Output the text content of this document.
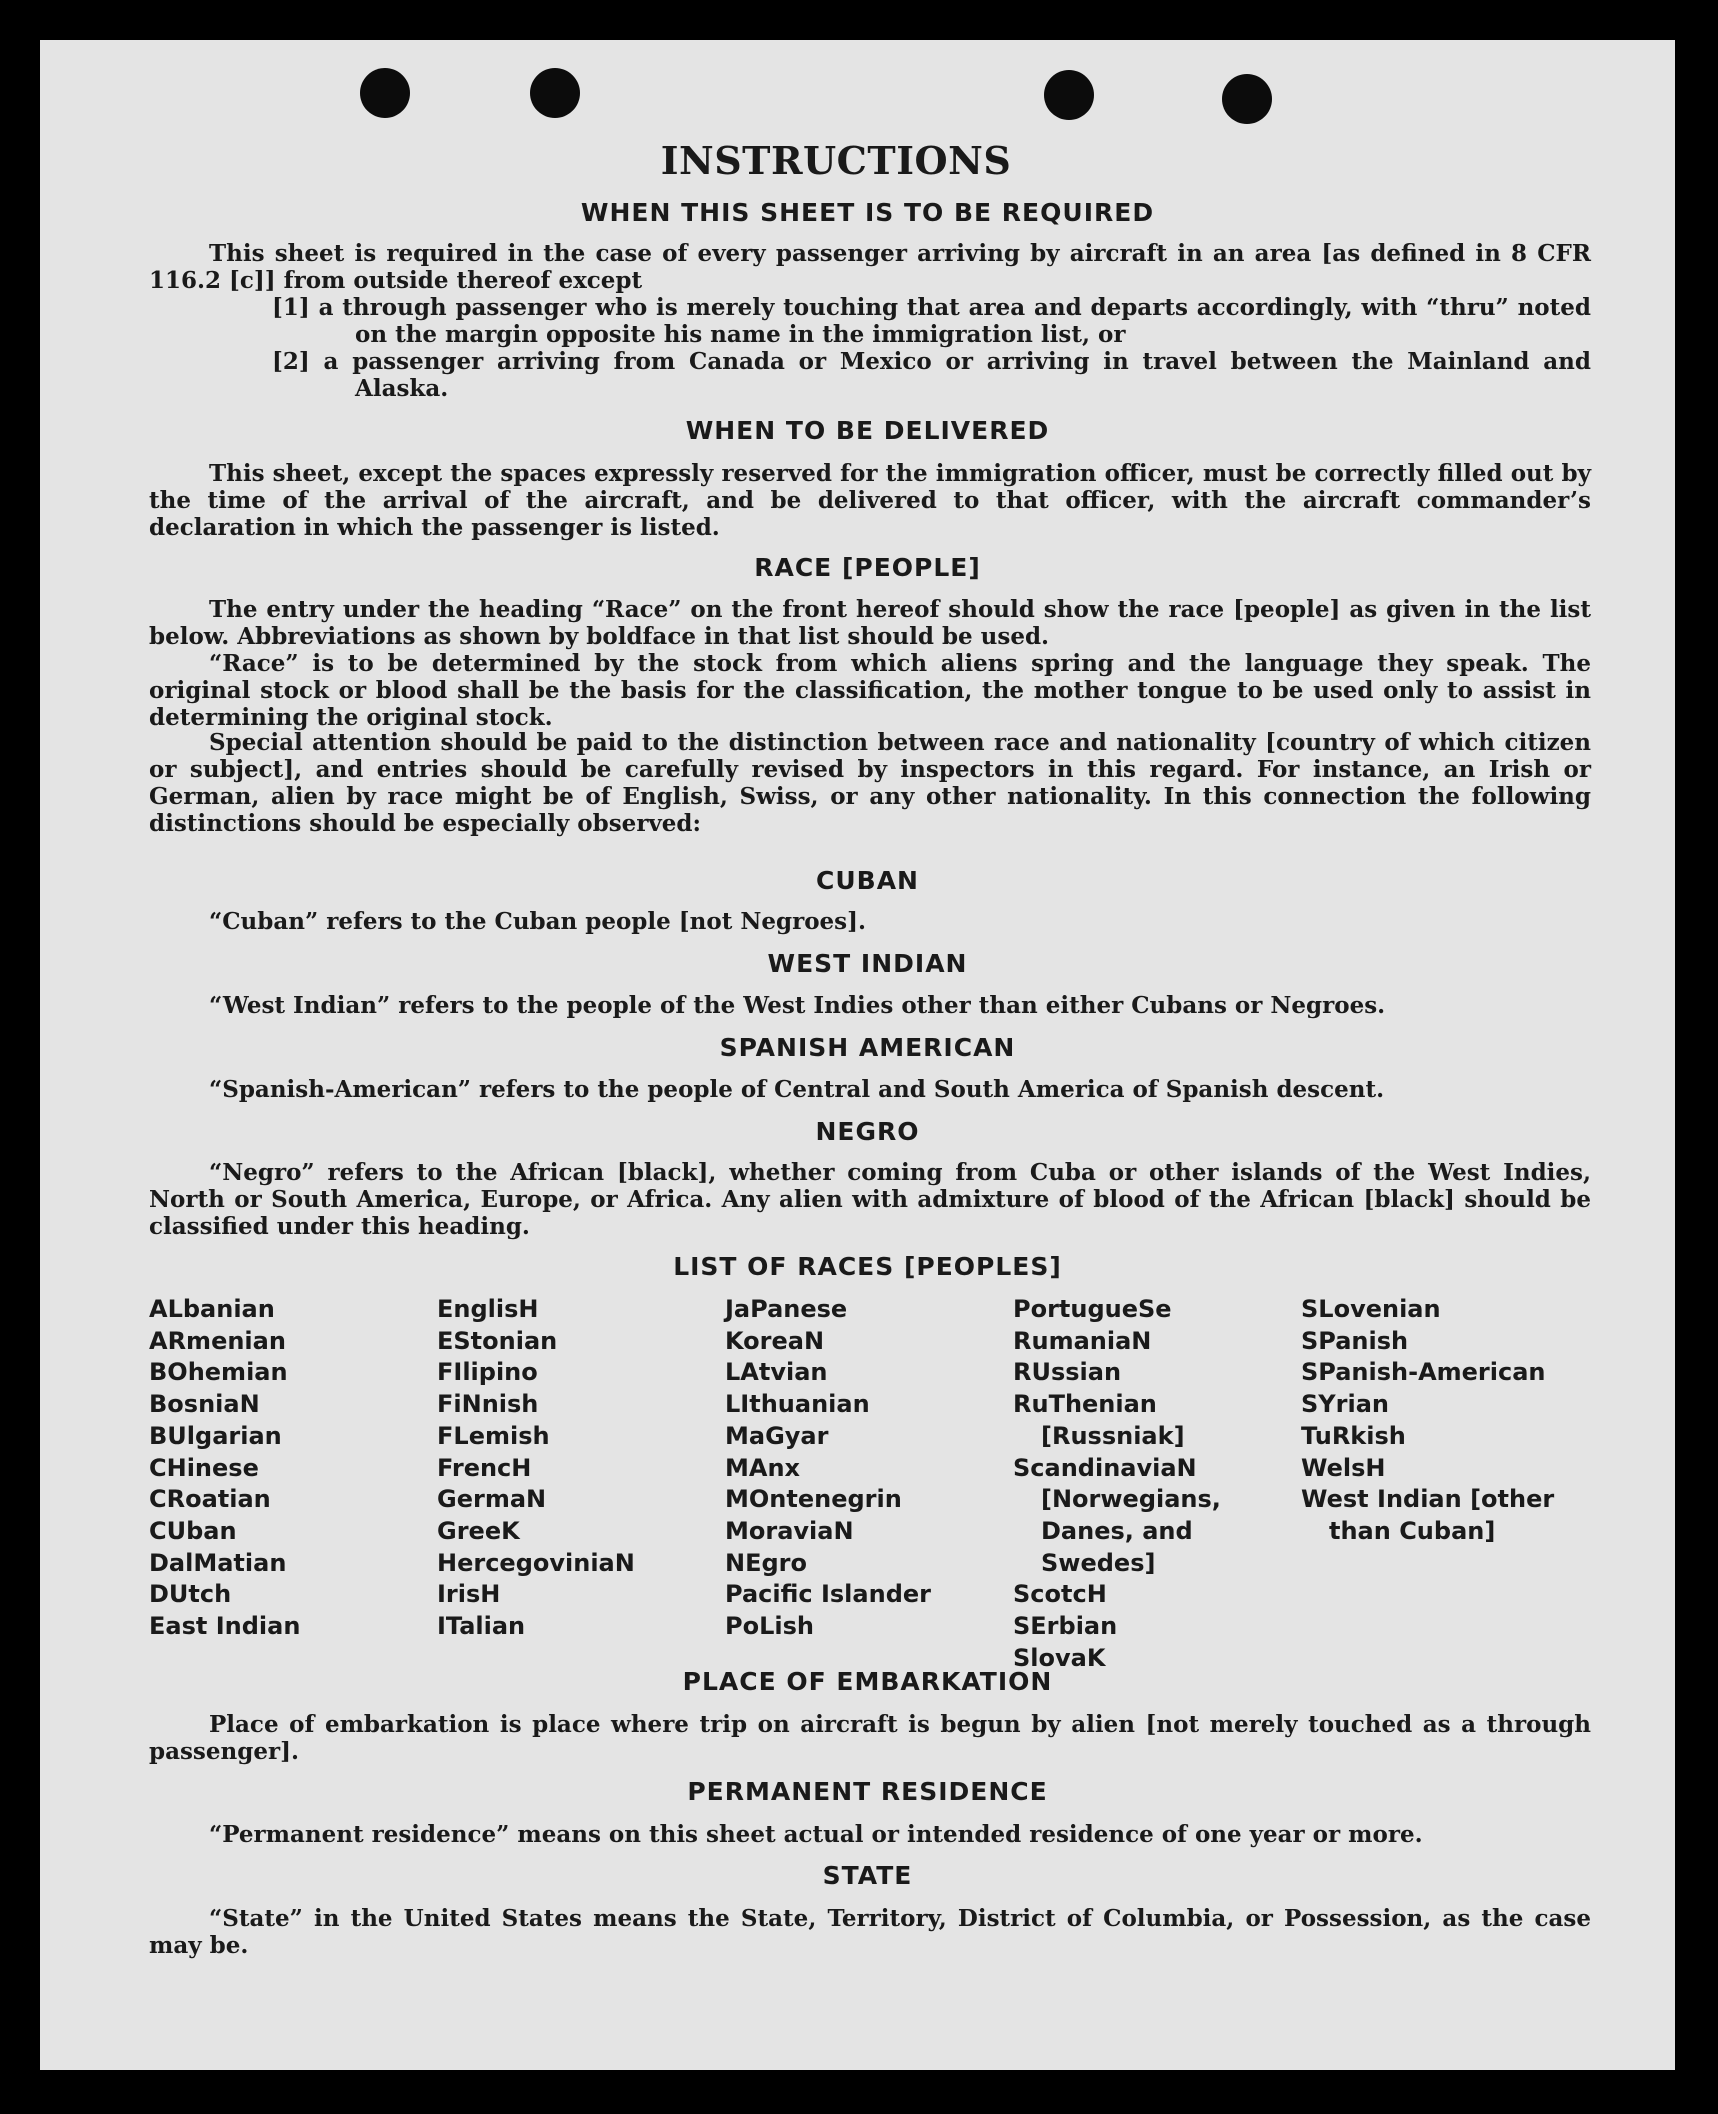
INSTRUCTIONS
WHEN THIS SHEET IS TO BE REQUIRED

This sheet is required in the case of every passenger arriving by aircraft in an area [as defined in 8 CFR 116.2 [c]] from outside thereof except

[1] a through passenger who is merely touching that area and departs accordingly, with “thru” noted on the margin opposite his name in the immigration list, or

[2] a passenger arriving from Canada or Mexico or arriving in travel between the Mainland and Alaska.

WHEN TO BE DELIVERED

This sheet, except the spaces expressly reserved for the immigration officer, must be correctly filled out by the time of the arrival of the aircraft, and be delivered to that officer, with the aircraft commander’s declaration in which the passenger is listed.

RACE [PEOPLE]

The entry under the heading “Race” on the front hereof should show the race [people] as given in the list below. Abbreviations as shown by boldface in that list should be used.

“Race” is to be determined by the stock from which aliens spring and the language they speak. The original stock or blood shall be the basis for the classification, the mother tongue to be used only to assist in determining the original stock.

Special attention should be paid to the distinction between race and nationality [country of which citizen or subject], and entries should be carefully revised by inspectors in this regard. For instance, an Irish or German, alien by race might be of English, Swiss, or any other nationality. In this connection the following distinctions should be especially observed:

CUBAN

“Cuban” refers to the Cuban people [not Negroes].

WEST INDIAN

“West Indian” refers to the people of the West Indies other than either Cubans or Negroes.

SPANISH AMERICAN

“Spanish-American” refers to the people of Central and South America of Spanish descent.

NEGRO

“Negro” refers to the African [black], whether coming from Cuba or other islands of the West Indies, North or South America, Europe, or Africa. Any alien with admixture of blood of the African [black] should be classified under this heading.

LIST OF RACES [PEOPLES]
ALbanian
ARmenian
BOhemian
BosniaN
BUlgarian
CHinese
CRoatian
CUban
DalMatian
DUtch
East Indian
EnglisH
EStonian
FIlipino
FiNnish
FLemish
FrencH
GermaN
GreeK
HercegoviniaN
IrisH
ITalian
JaPanese
KoreaN
LAtvian
LIthuanian
MaGyar
MAnx
MOntenegrin
MoraviaN
NEgro
Pacific Islander
PoLish
PortugueSe
RumaniaN
RUssian
RuThenian [Russniak]
ScandinaviaN [Norwegians, Danes, and Swedes]
ScotcH
SErbian
SlovaK
SLovenian
SPanish
SPanish-American
SYrian
TuRkish
WelsH
West Indian [other than Cuban]
PLACE OF EMBARKATION

Place of embarkation is place where trip on aircraft is begun by alien [not merely touched as a through passenger].

PERMANENT RESIDENCE

“Permanent residence” means on this sheet actual or intended residence of one year or more.

STATE

“State” in the United States means the State, Territory, District of Columbia, or Possession, as the case may be.
